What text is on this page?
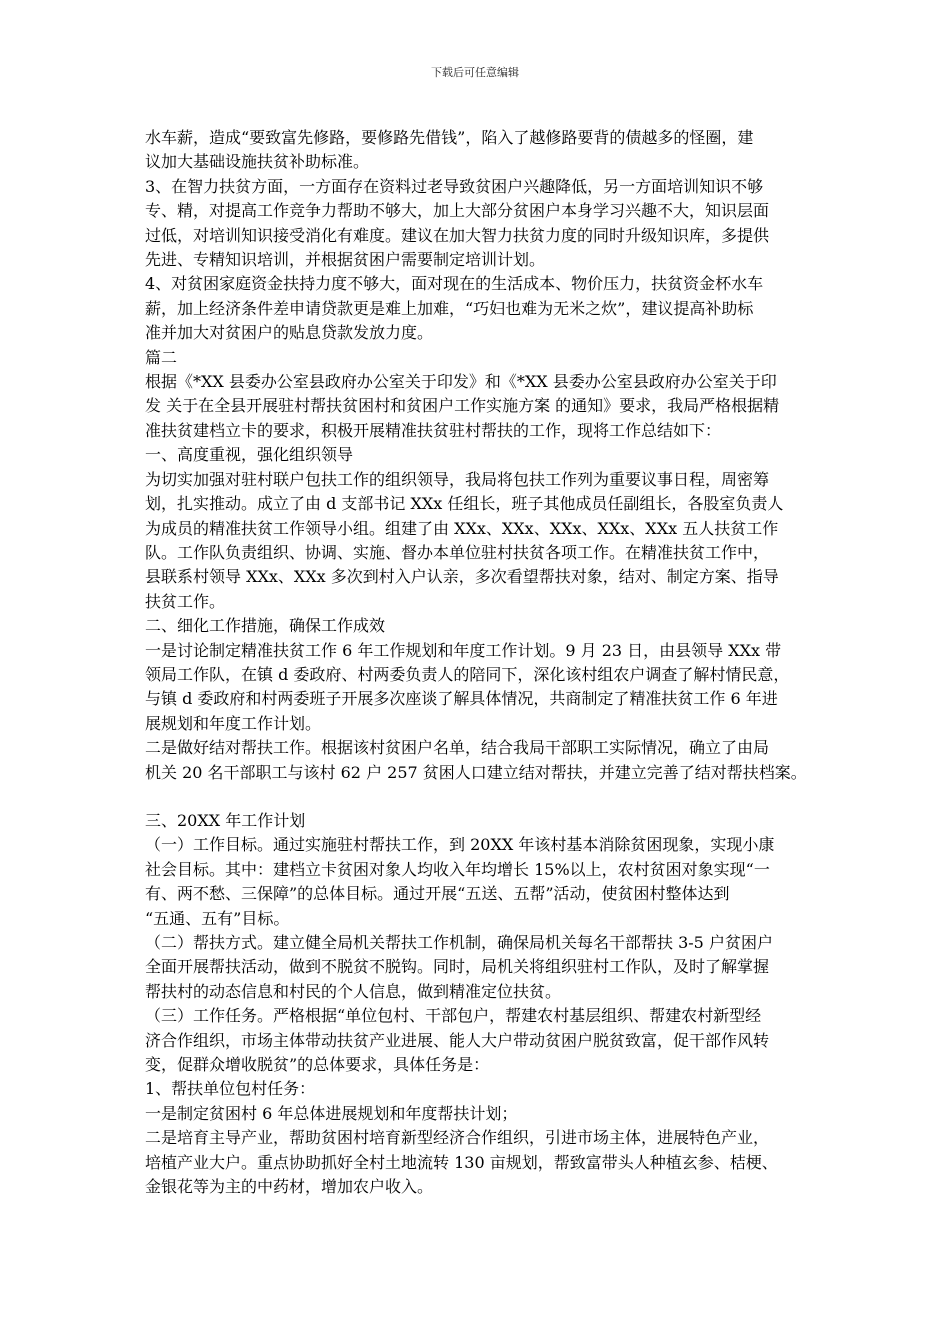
下载后可任意编辑

水车薪，造成“要致富先修路，要修路先借钱”，陷入了越修路要背的债越多的怪圈，建
议加大基础设施扶贫补助标准。

3、在智力扶贫方面，一方面存在资料过老导致贫困户兴趣降低，另一方面培训知识不够
专、精，对提高工作竞争力帮助不够大，加上大部分贫困户本身学习兴趣不大，知识层面
过低，对培训知识接受消化有难度。建议在加大智力扶贫力度的同时升级知识库，多提供
先进、专精知识培训，并根据贫困户需要制定培训计划。

4、对贫困家庭资金扶持力度不够大，面对现在的生活成本、物价压力，扶贫资金杯水车
薪，加上经济条件差申请贷款更是难上加难，“巧妇也难为无米之炊”，建议提高补助标
准并加大对贫困户的贴息贷款发放力度。

篇二

根据《*XX 县委办公室县政府办公室关于印发》和《*XX 县委办公室县政府办公室关于印
发 关于在全县开展驻村帮扶贫困村和贫困户工作实施方案 的通知》要求，我局严格根据精
准扶贫建档立卡的要求，积极开展精准扶贫驻村帮扶的工作，现将工作总结如下：

一、高度重视，强化组织领导

为切实加强对驻村联户包扶工作的组织领导，我局将包扶工作列为重要议事日程，周密筹
划，扎实推动。成立了由 d 支部书记 XXx 任组长，班子其他成员任副组长，各股室负责人
为成员的精准扶贫工作领导小组。组建了由 XXx、XXx、XXx、XXx、XXx 五人扶贫工作
队。工作队负责组织、协调、实施、督办本单位驻村扶贫各项工作。在精准扶贫工作中，
县联系村领导 XXx、XXx 多次到村入户认亲，多次看望帮扶对象，结对、制定方案、指导
扶贫工作。

二、细化工作措施，确保工作成效

一是讨论制定精准扶贫工作 6 年工作规划和年度工作计划。9 月 23 日，由县领导 XXx 带
领局工作队，在镇 d 委政府、村两委负责人的陪同下，深化该村组农户调查了解村情民意，
与镇 d 委政府和村两委班子开展多次座谈了解具体情况，共商制定了精准扶贫工作 6 年进
展规划和年度工作计划。

二是做好结对帮扶工作。根据该村贫困户名单，结合我局干部职工实际情况，确立了由局
机关 20 名干部职工与该村 62 户 257 贫困人口建立结对帮扶，并建立完善了结对帮扶档案。

三、20XX 年工作计划

（一）工作目标。通过实施驻村帮扶工作，到 20XX 年该村基本消除贫困现象，实现小康
社会目标。其中：建档立卡贫困对象人均收入年均增长 15%以上，农村贫困对象实现“一
有、两不愁、三保障”的总体目标。通过开展“五送、五帮”活动，使贫困村整体达到
“五通、五有”目标。

（二）帮扶方式。建立健全局机关帮扶工作机制，确保局机关每名干部帮扶 3-5 户贫困户
全面开展帮扶活动，做到不脱贫不脱钩。同时，局机关将组织驻村工作队，及时了解掌握
帮扶村的动态信息和村民的个人信息，做到精准定位扶贫。

（三）工作任务。严格根据“单位包村、干部包户，帮建农村基层组织、帮建农村新型经
济合作组织，市场主体带动扶贫产业进展、能人大户带动贫困户脱贫致富，促干部作风转
变，促群众增收脱贫”的总体要求，具体任务是：

1、帮扶单位包村任务：

一是制定贫困村 6 年总体进展规划和年度帮扶计划；

二是培育主导产业，帮助贫困村培育新型经济合作组织，引进市场主体，进展特色产业，
培植产业大户。重点协助抓好全村土地流转 130 亩规划，帮致富带头人种植玄参、桔梗、
金银花等为主的中药材，增加农户收入。
